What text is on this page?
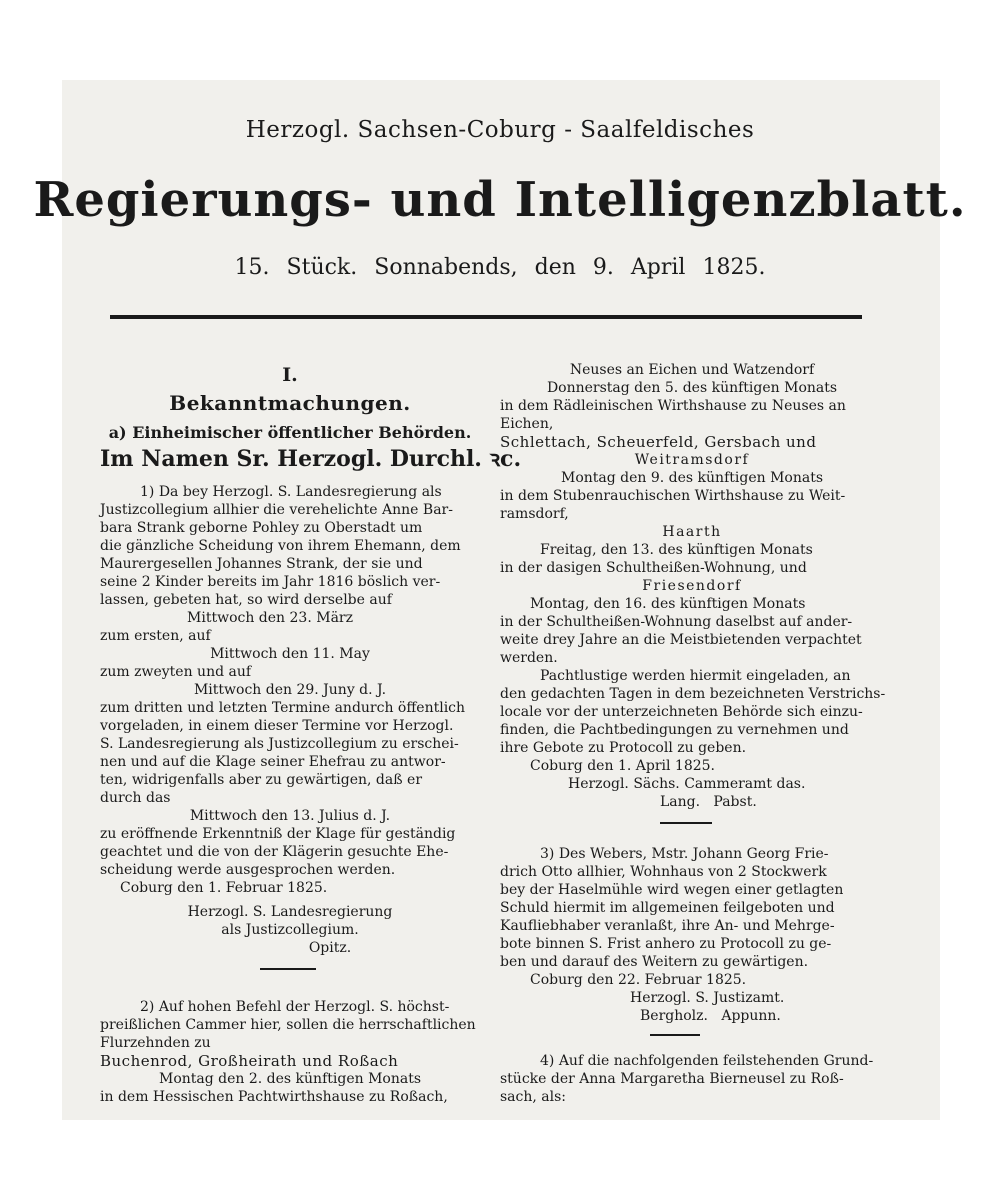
Herzogl. Sachsen-Coburg - Saalfeldisches
Regierungs- und Intelligenzblatt.
15. Stück. Sonnabends, den 9. April 1825.
I.
Bekanntmachungen.
a) Einheimischer öffentlicher Behörden.
Im Namen Sr. Herzogl. Durchl. ꝛc.
1) Da bey Herzogl. S. Landesregierung als
Justizcollegium allhier die verehelichte Anne Bar-
bara Strank geborne Pohley zu Oberstadt um
die gänzliche Scheidung von ihrem Ehemann, dem
Maurergesellen Johannes Strank, der sie und
seine 2 Kinder bereits im Jahr 1816 böslich ver-
lassen, gebeten hat, so wird derselbe auf
Mittwoch den 23. März
zum ersten, auf
Mittwoch den 11. May
zum zweyten und auf
Mittwoch den 29. Juny d. J.
zum dritten und letzten Termine andurch öffentlich
vorgeladen, in einem dieser Termine vor Herzogl.
S. Landesregierung als Justizcollegium zu erschei-
nen und auf die Klage seiner Ehefrau zu antwor-
ten, widrigenfalls aber zu gewärtigen, daß er
durch das
Mittwoch den 13. Julius d. J.
zu eröffnende Erkenntniß der Klage für geständig
geachtet und die von der Klägerin gesuchte Ehe-
scheidung werde ausgesprochen werden.
Coburg den 1. Februar 1825.
Herzogl. S. Landesregierung
als Justizcollegium.
Opitz.
2) Auf hohen Befehl der Herzogl. S. höchst-
preißlichen Cammer hier, sollen die herrschaftlichen
Flurzehnden zu
Buchenrod, Großheirath und Roßach
Montag den 2. des künftigen Monats
in dem Hessischen Pachtwirthshause zu Roßach,
Neuses an Eichen und Watzendorf
Donnerstag den 5. des künftigen Monats
in dem Rädleinischen Wirthshause zu Neuses an
Eichen,
Schlettach, Scheuerfeld, Gersbach und
Weitramsdorf
Montag den 9. des künftigen Monats
in dem Stubenrauchischen Wirthshause zu Weit-
ramsdorf,
Haarth
Freitag, den 13. des künftigen Monats
in der dasigen Schultheißen-Wohnung, und
Friesendorf
Montag, den 16. des künftigen Monats
in der Schultheißen-Wohnung daselbst auf ander-
weite drey Jahre an die Meistbietenden verpachtet
werden.
Pachtlustige werden hiermit eingeladen, an
den gedachten Tagen in dem bezeichneten Verstrichs-
locale vor der unterzeichneten Behörde sich einzu-
finden, die Pachtbedingungen zu vernehmen und
ihre Gebote zu Protocoll zu geben.
Coburg den 1. April 1825.
Herzogl. Sächs. Cammeramt das.
Lang.   Pabst.
3) Des Webers, Mstr. Johann Georg Frie-
drich Otto allhier, Wohnhaus von 2 Stockwerk
bey der Haselmühle wird wegen einer getlagten
Schuld hiermit im allgemeinen feilgeboten und
Kaufliebhaber veranlaßt, ihre An- und Mehrge-
bote binnen S. Frist anhero zu Protocoll zu ge-
ben und darauf des Weitern zu gewärtigen.
Coburg den 22. Februar 1825.
Herzogl. S. Justizamt.
Bergholz.   Appunn.
4) Auf die nachfolgenden feilstehenden Grund-
stücke der Anna Margaretha Bierneusel zu Roß-
sach, als:
